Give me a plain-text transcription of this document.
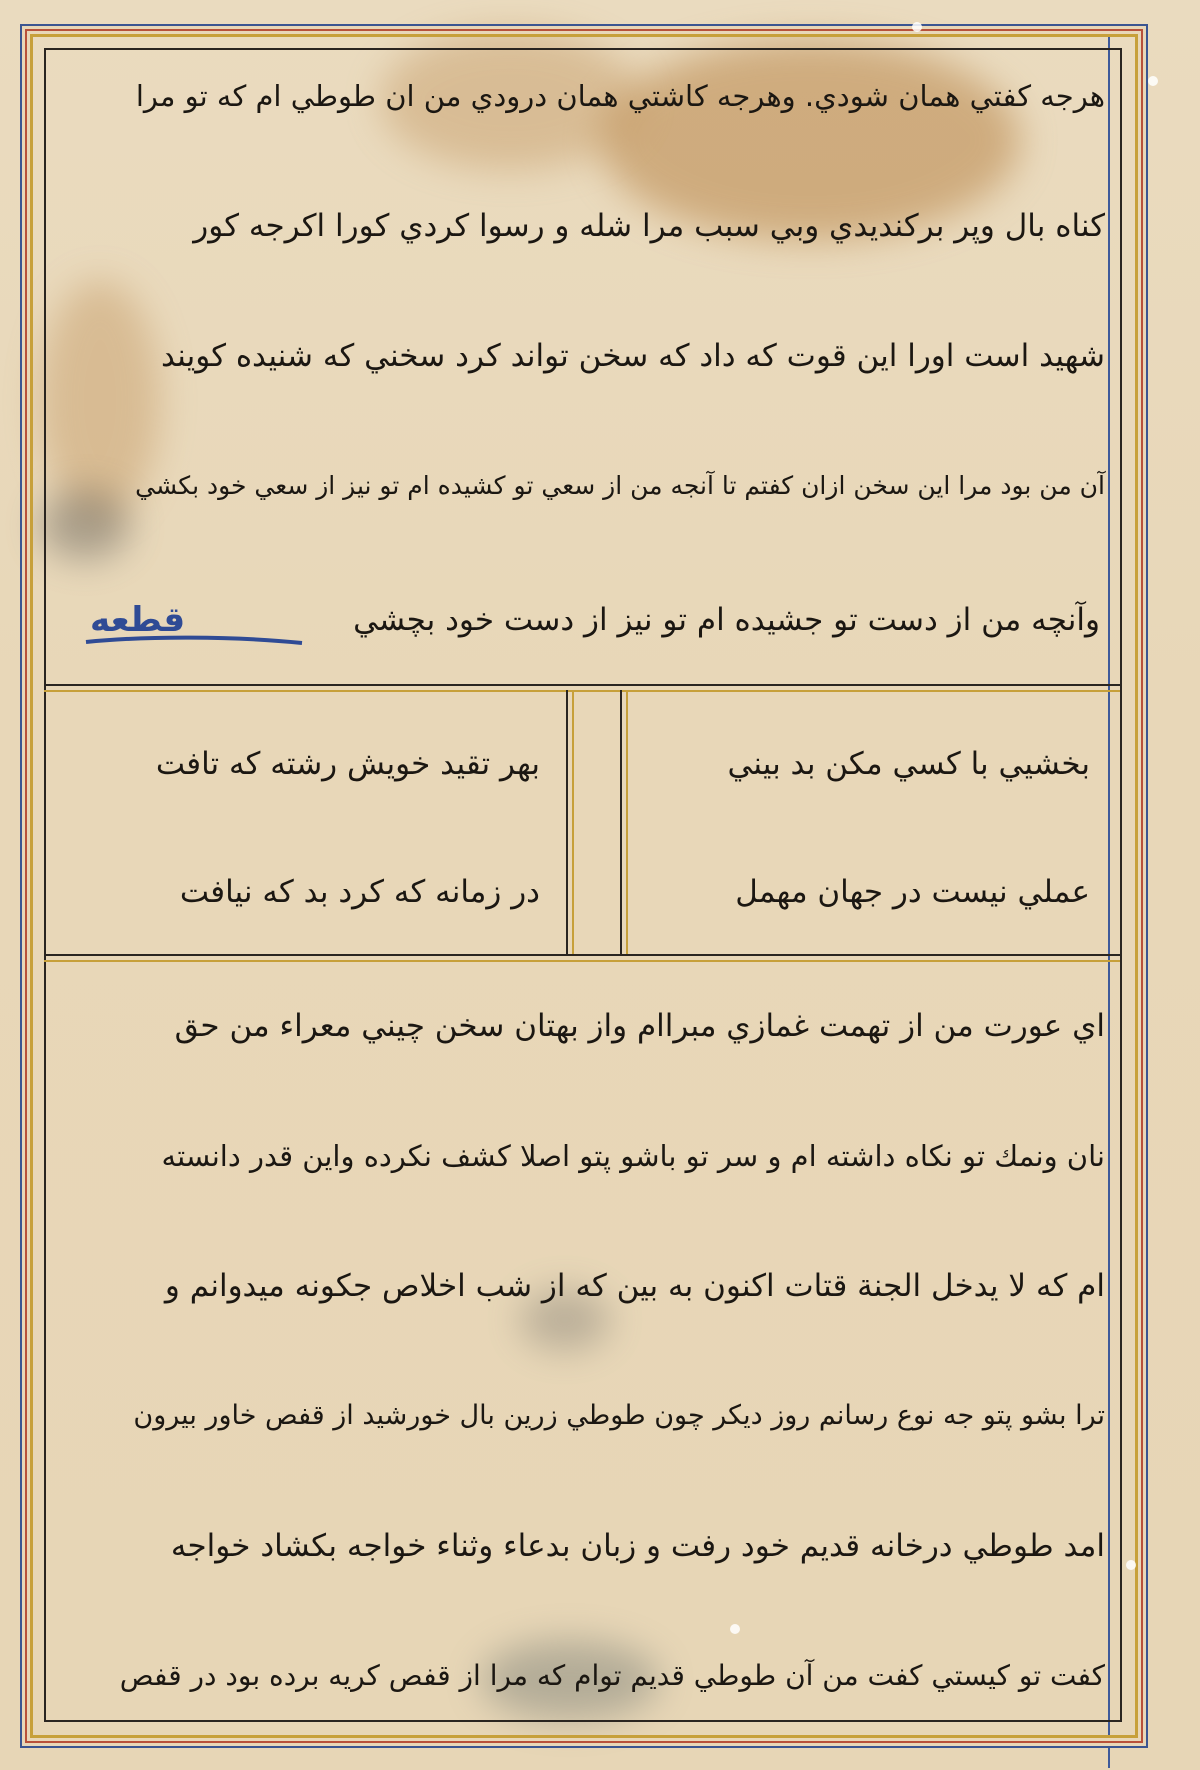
هرجه كفتي همان شودي. وهرجه كاشتي همان درودي من ان طوطي ام كه تو مرا
كناه بال وپر بركنديدي وبي سبب مرا شله و رسوا كردي كورا اكرجه كور
شهيد است اورا اين قوت كه داد كه سخن تواند كرد سخني كه شنيده كويند
آن من بود مرا اين سخن ازان كفتم تا آنجه من از سعي تو كشيده ام تو نيز از سعي خود بكشي
وآنچه من از دست تو جشيده ام تو نيز از دست خود بچشي
قطعه
بخشيي با كسي مكن بد بيني
عملي نيست در جهان مهمل
بهر تقيد خويش رشته كه تافت
در زمانه كه كرد بد كه نيافت
اي عورت من از تهمت غمازي مبراام واز بهتان سخن چيني معراء من حق
نان ونمك تو نكاه داشته ام و سر تو باشو پتو اصلا كشف نكرده واين قدر دانسته
ام كه لا يدخل الجنة قتات اكنون به بين كه از شب اخلاص جكونه ميدوانم و
ترا بشو پتو جه نوع رسانم روز ديكر چون طوطي زرين بال خورشيد از قفص خاور بيرون
امد طوطي درخانه قديم خود رفت و زبان بدعاء وثناء خواجه بكشاد خواجه
كفت تو كيستي كفت من آن طوطي قديم توام كه مرا از قفص كريه برده بود در قفص
